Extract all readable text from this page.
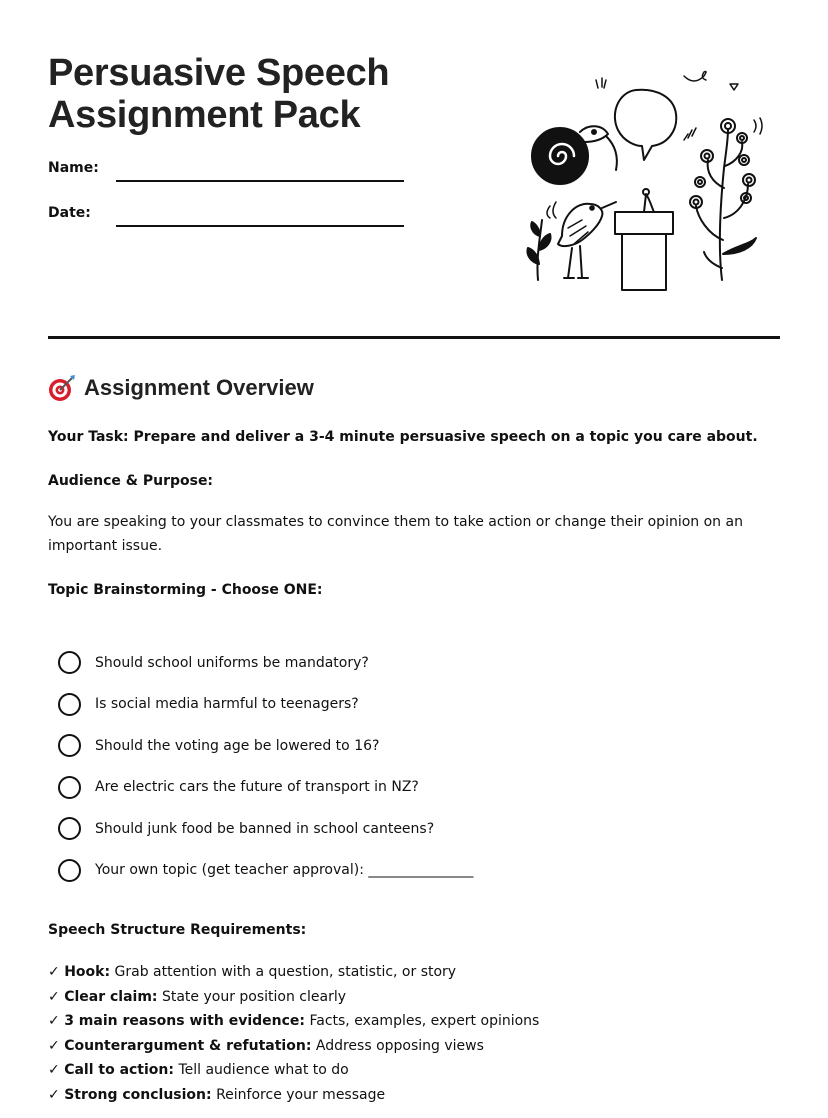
Persuasive Speech
Assignment Pack
Name:
Date:
Assignment Overview
Your Task: Prepare and deliver a 3-4 minute persuasive speech on a topic you care about.
Audience & Purpose:
You are speaking to your classmates to convince them to take action or change their opinion on an important issue.
Topic Brainstorming - Choose ONE:
Should school uniforms be mandatory?
Is social media harmful to teenagers?
Should the voting age be lowered to 16?
Are electric cars the future of transport in NZ?
Should junk food be banned in school canteens?
Your own topic (get teacher approval): _______________
Speech Structure Requirements:
✓ Hook: Grab attention with a question, statistic, or story
✓ Clear claim: State your position clearly
✓ 3 main reasons with evidence: Facts, examples, expert opinions
✓ Counterargument & refutation: Address opposing views
✓ Call to action: Tell audience what to do
✓ Strong conclusion: Reinforce your message
